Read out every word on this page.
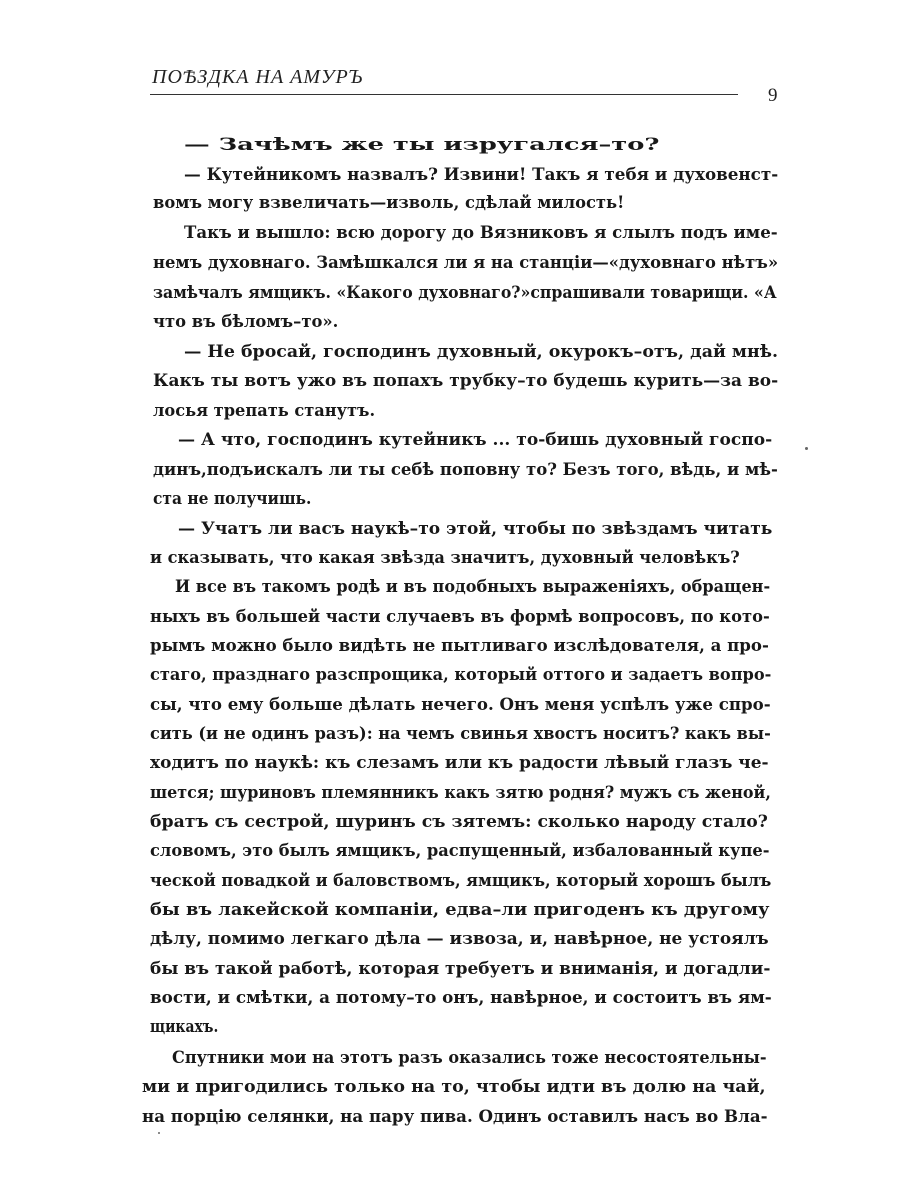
ПОѢЗДКА НА АМУРЪ
9
— Зачѣмъ же ты изругался–то?
— Кутейникомъ назвалъ? Извини! Такъ я тебя и духовенст-
вомъ могу взвеличать—изволь, сдѣлай милость!
Такъ и вышло: всю дорогу до Вязниковъ я слылъ подъ име-
немъ духовнаго. Замѣшкался ли я на станціи—«духовнаго нѣтъ»
замѣчалъ ямщикъ. «Какого духовнаго?»спрашивали товарищи. «А
что въ бѣломъ–то».
— Не бросай, господинъ духовный, окурокъ–отъ, дай мнѣ.
Какъ ты вотъ ужо въ попахъ трубку–то будешь курить—за во-
лосья трепать станутъ.
— А что, господинъ кутейникъ ... то-бишь духовный госпо-
динъ,подъискалъ ли ты себѣ поповну то? Безъ того, вѣдь, и мѣ-
ста не получишь.
— Учатъ ли васъ наукѣ–то этой, чтобы по звѣздамъ читать
и сказывать, что какая звѣзда значитъ, духовный человѣкъ?
И все въ такомъ родѣ и въ подобныхъ выраженіяхъ, обращен-
ныхъ въ большей части случаевъ въ формѣ вопросовъ, по кото-
рымъ можно было видѣть не пытливаго изслѣдователя, а про-
стаго, празднаго разспрощика, который оттого и задаетъ вопро-
сы, что ему больше дѣлать нечего. Онъ меня успѣлъ уже спро-
сить (и не одинъ разъ): на чемъ свинья хвостъ носитъ? какъ вы-
ходитъ по наукѣ: къ слезамъ или къ радости лѣвый глазъ че-
шется; шуриновъ племянникъ какъ зятю родня? мужъ съ женой,
братъ съ сестрой, шуринъ съ зятемъ: сколько народу стало?
словомъ, это былъ ямщикъ, распущенный, избалованный купе-
ческой повадкой и баловствомъ, ямщикъ, который хорошъ былъ
бы въ лакейской компаніи, едва–ли пригоденъ къ другому
дѣлу, помимо легкаго дѣла — извоза, и, навѣрное, не устоялъ
бы въ такой работѣ, которая требуетъ и вниманія, и догадли-
вости, и смѣтки, а потому–то онъ, навѣрное, и состоитъ въ ям-
щикахъ.
Спутники мои на этотъ разъ оказались тоже несостоятельны-
ми и пригодились только на то, чтобы идти въ долю на чай,
на порцію селянки, на пару пива. Одинъ оставилъ насъ во Вла-
